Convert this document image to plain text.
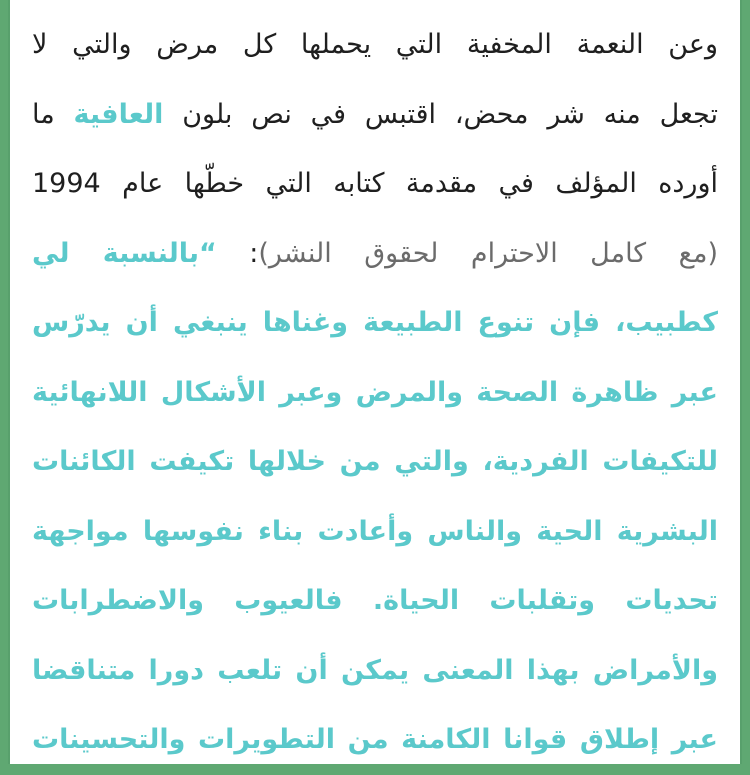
وعن النعمة المخفية التي يحملها كل مرض والتي لا
تجعل منه شر محض، اقتبس في نص بلون العافية ما
أورده المؤلف في مقدمة كتابه التي خطّها عام 1994
(مع كامل الاحترام لحقوق النشر): “بالنسبة لي
كطبيب، فإن تنوع الطبيعة وغناها ينبغي أن يدرّس
عبر ظاهرة الصحة والمرض وعبر الأشكال اللانهائية
للتكيفات الفردية، والتي من خلالها تكيفت الكائنات
البشرية الحية والناس وأعادت بناء نفوسها مواجهة
تحديات وتقلبات الحياة. فالعيوب والاضطرابات
والأمراض بهذا المعنى يمكن أن تلعب دورا متناقضا
عبر إطلاق قوانا الكامنة من التطويرات والتحسينات
